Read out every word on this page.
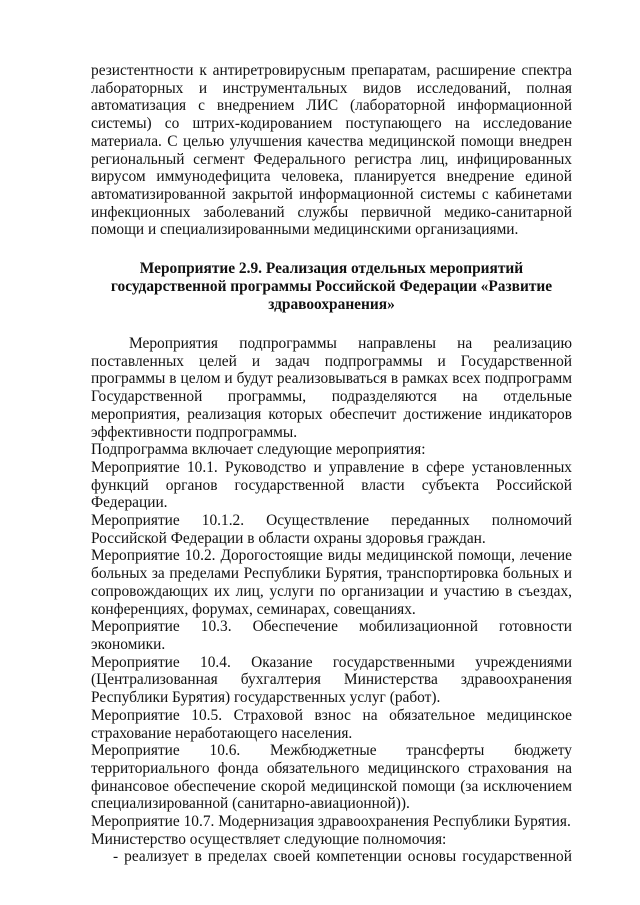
резистентности к антиретровирусным препаратам, расширение спектра лабораторных и инструментальных видов исследований, полная автоматизация с внедрением ЛИС (лабораторной информационной системы) со штрих-кодированием поступающего на исследование материала. С целью улучшения качества медицинской помощи внедрен региональный сегмент Федерального регистра лиц, инфицированных вирусом иммунодефицита человека, планируется внедрение единой автоматизированной закрытой информационной системы с кабинетами инфекционных заболеваний службы первичной медико-санитарной помощи и специализированными медицинскими организациями.

Мероприятие 2.9. Реализация отдельных мероприятий государственной программы Российской Федерации «Развитие здравоохранения»

Мероприятия подпрограммы направлены на реализацию поставленных целей и задач подпрограммы и Государственной программы в целом и будут реализовываться в рамках всех подпрограмм Государственной программы, подразделяются на отдельные мероприятия, реализация которых обеспечит достижение индикаторов эффективности подпрограммы.

Подпрограмма включает следующие мероприятия:

Мероприятие 10.1. Руководство и управление в сфере установленных функций органов государственной власти субъекта Российской Федерации.

Мероприятие 10.1.2. Осуществление переданных полномочий Российской Федерации в области охраны здоровья граждан.

Мероприятие 10.2. Дорогостоящие виды медицинской помощи, лечение больных за пределами Республики Бурятия, транспортировка больных и сопровождающих их лиц, услуги по организации и участию в съездах, конференциях, форумах, семинарах, совещаниях.

Мероприятие 10.3. Обеспечение мобилизационной готовности экономики.

Мероприятие 10.4. Оказание государственными учреждениями (Централизованная бухгалтерия Министерства здравоохранения Республики Бурятия) государственных услуг (работ).

Мероприятие 10.5. Страховой взнос на обязательное медицинское страхование неработающего населения.

Мероприятие 10.6. Межбюджетные трансферты бюджету территориального фонда обязательного медицинского страхования на финансовое обеспечение скорой медицинской помощи (за исключением специализированной (санитарно-авиационной)).

Мероприятие 10.7. Модернизация здравоохранения Республики Бурятия.

Министерство осуществляет следующие полномочия:

- реализует в пределах своей компетенции основы государственной
